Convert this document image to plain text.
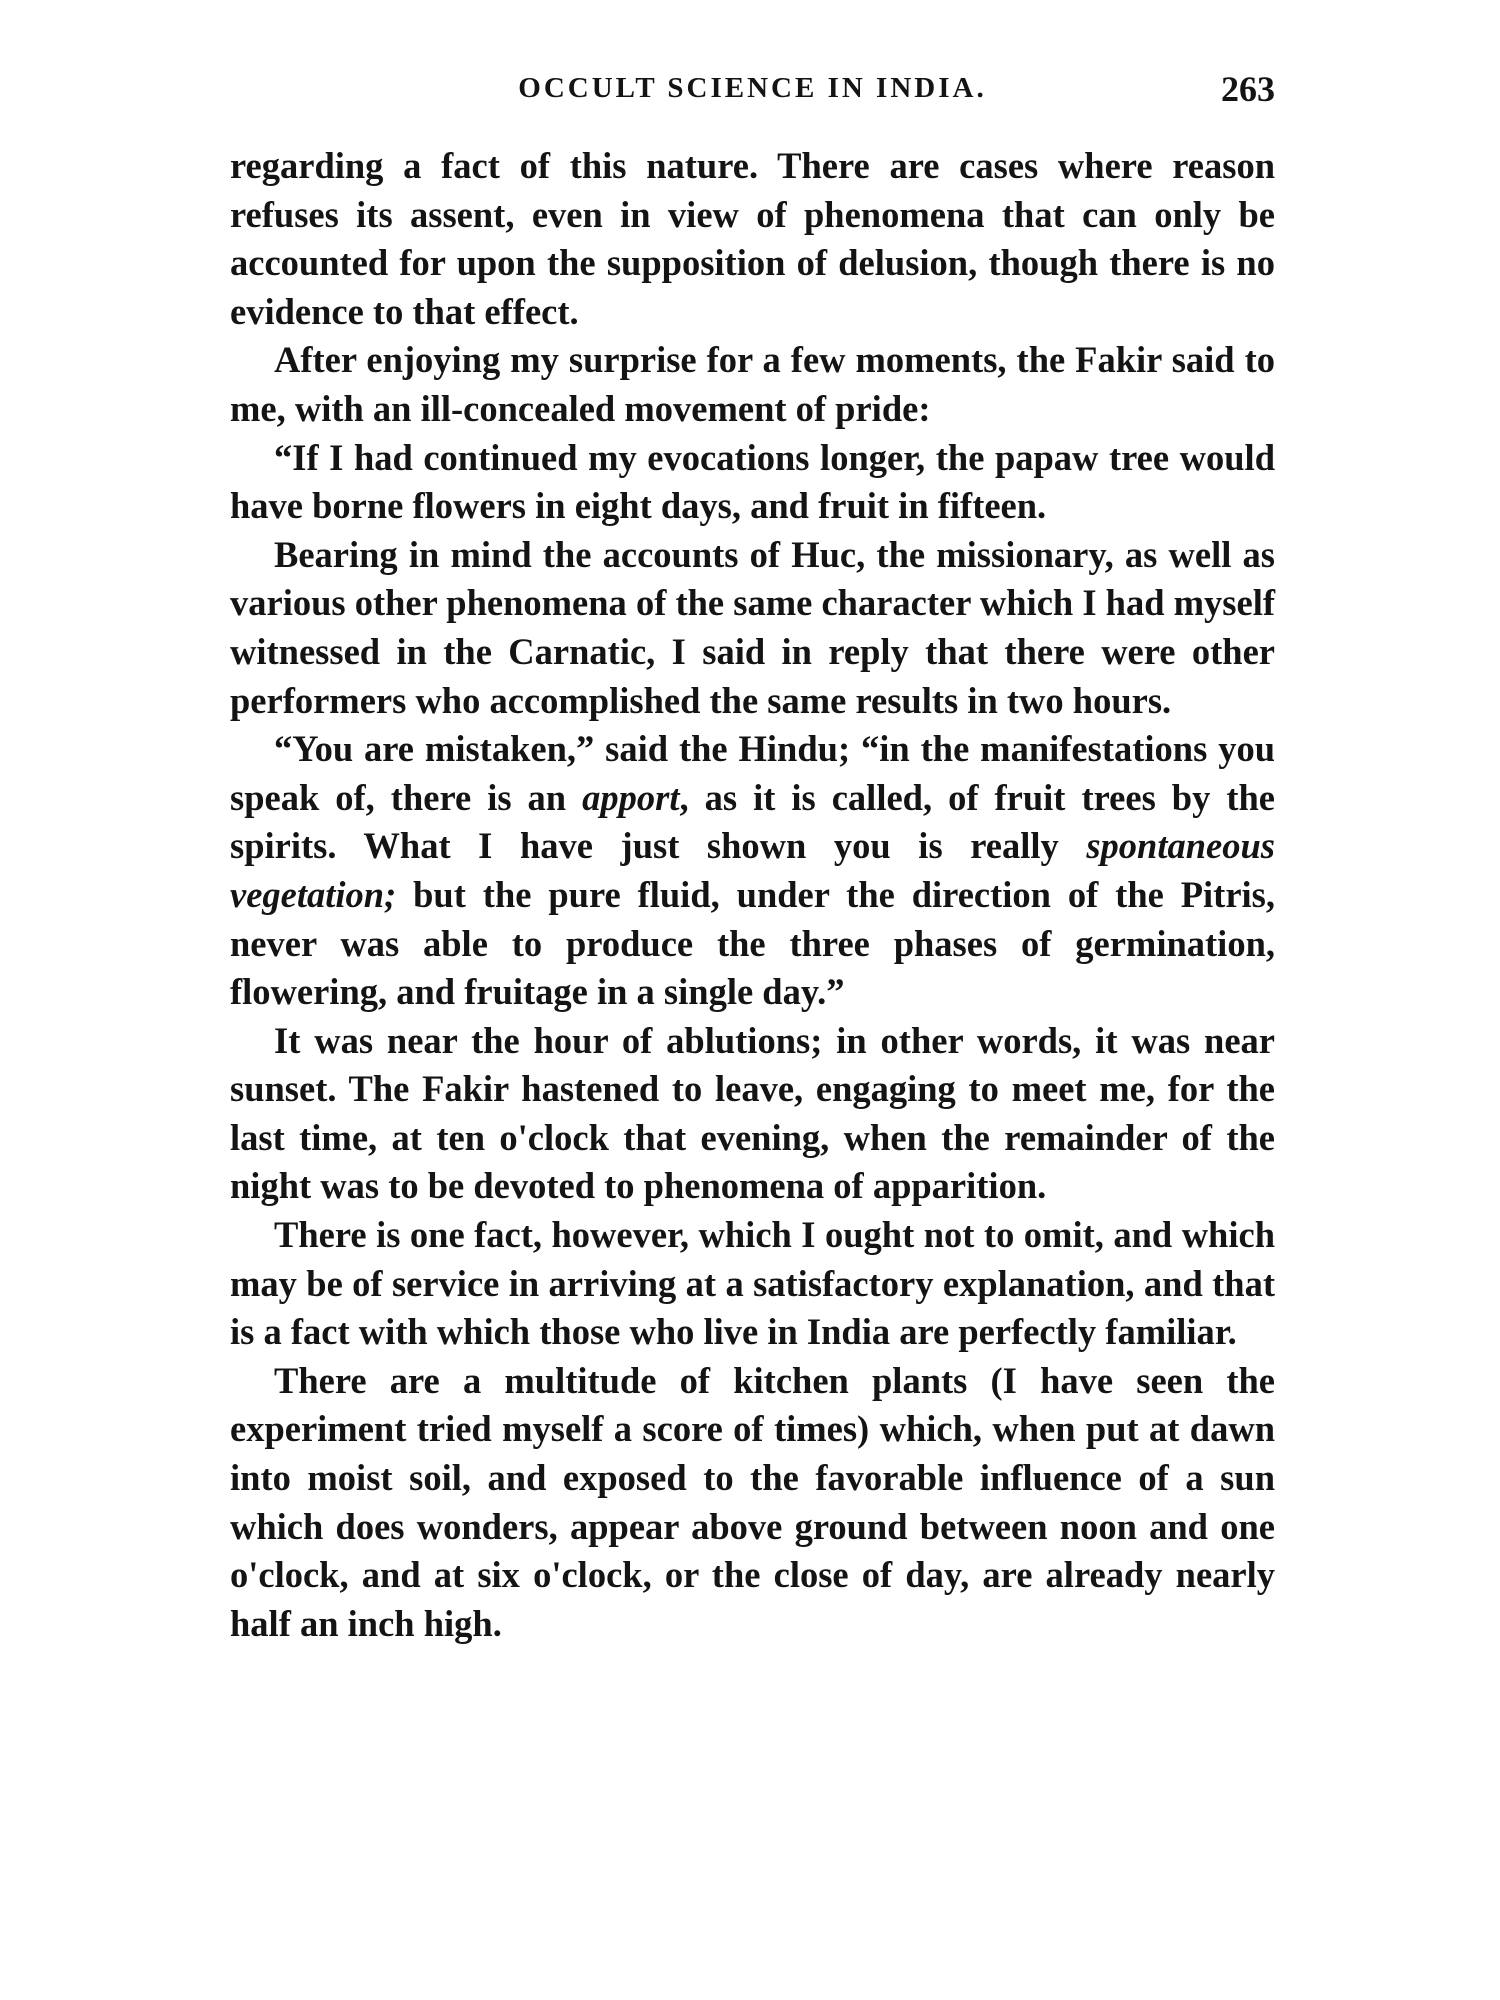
OCCULT SCIENCE IN INDIA.	263

regarding a fact of this nature. There are cases where reason refuses its assent, even in view of phenomena that can only be accounted for upon the supposition of delusion, though there is no evidence to that effect.

After enjoying my surprise for a few moments, the Fakir said to me, with an ill-concealed movement of pride:

“If I had continued my evocations longer, the papaw tree would have borne flowers in eight days, and fruit in fifteen.

Bearing in mind the accounts of Huc, the missionary, as well as various other phenomena of the same character which I had myself witnessed in the Carnatic, I said in reply that there were other performers who accomplished the same results in two hours.

“You are mistaken,” said the Hindu; “in the manifestations you speak of, there is an apport, as it is called, of fruit trees by the spirits. What I have just shown you is really spontaneous vegetation; but the pure fluid, under the direction of the Pitris, never was able to produce the three phases of germination, flowering, and fruitage in a single day.”

It was near the hour of ablutions; in other words, it was near sunset. The Fakir hastened to leave, engaging to meet me, for the last time, at ten o'clock that evening, when the remainder of the night was to be devoted to phenomena of apparition.

There is one fact, however, which I ought not to omit, and which may be of service in arriving at a satisfactory explanation, and that is a fact with which those who live in India are perfectly familiar.

There are a multitude of kitchen plants (I have seen the experiment tried myself a score of times) which, when put at dawn into moist soil, and exposed to the favorable influence of a sun which does wonders, appear above ground between noon and one o'clock, and at six o'clock, or the close of day, are already nearly half an inch high.
